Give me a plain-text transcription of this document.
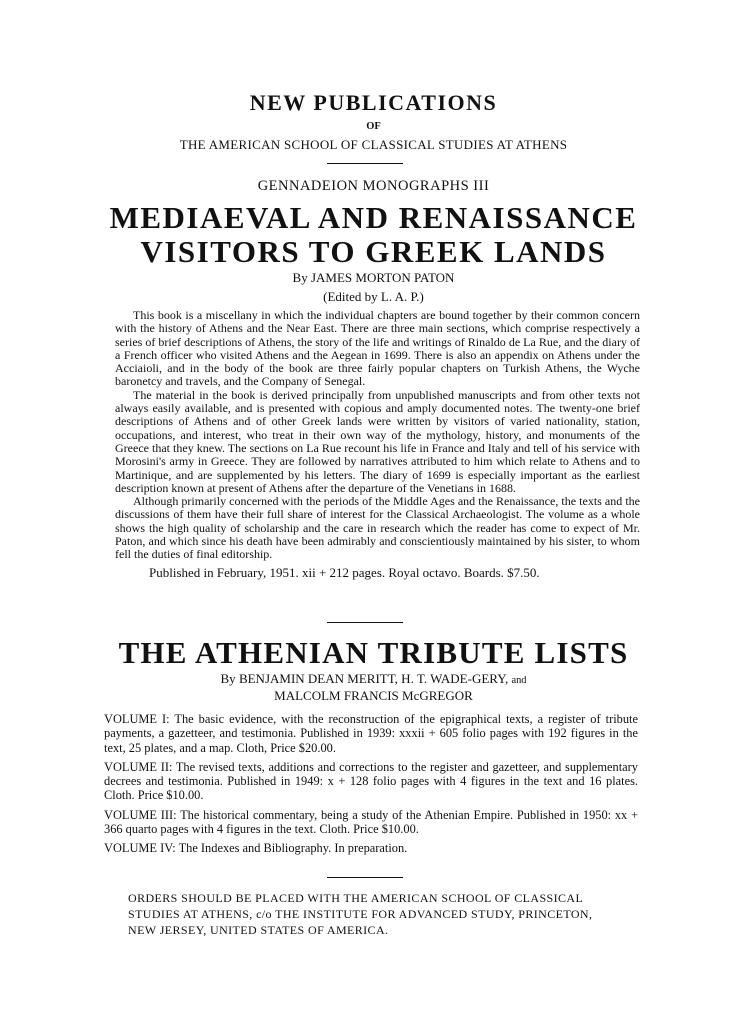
NEW PUBLICATIONS
OF
THE AMERICAN SCHOOL OF CLASSICAL STUDIES AT ATHENS
GENNADEION MONOGRAPHS III
MEDIAEVAL AND RENAISSANCE
VISITORS TO GREEK LANDS
By JAMES MORTON PATON
(Edited by L. A. P.)

This book is a miscellany in which the individual chapters are bound together by their common concern with the history of Athens and the Near East. There are three main sections, which comprise respectively a series of brief descriptions of Athens, the story of the life and writings of Rinaldo de La Rue, and the diary of a French officer who visited Athens and the Aegean in 1699. There is also an appendix on Athens under the Acciaioli, and in the body of the book are three fairly popular chapters on Turkish Athens, the Wyche baronetcy and travels, and the Company of Senegal.

The material in the book is derived principally from unpublished manuscripts and from other texts not always easily available, and is presented with copious and amply documented notes. The twenty-one brief descriptions of Athens and of other Greek lands were written by visitors of varied nationality, station, occupations, and interest, who treat in their own way of the mythology, history, and monuments of the Greece that they knew. The sections on La Rue recount his life in France and Italy and tell of his service with Morosini's army in Greece. They are followed by narratives attributed to him which relate to Athens and to Martinique, and are supplemented by his letters. The diary of 1699 is especially important as the earliest description known at present of Athens after the departure of the Venetians in 1688.

Although primarily concerned with the periods of the Middle Ages and the Renaissance, the texts and the discussions of them have their full share of interest for the Classical Archaeologist. The volume as a whole shows the high quality of scholarship and the care in research which the reader has come to expect of Mr. Paton, and which since his death have been admirably and conscientiously maintained by his sister, to whom fell the duties of final editorship.

Published in February, 1951. xii + 212 pages. Royal octavo. Boards. $7.50.

THE ATHENIAN TRIBUTE LISTS
By BENJAMIN DEAN MERITT, H. T. WADE-GERY, and
MALCOLM FRANCIS McGREGOR

VOLUME I: The basic evidence, with the reconstruction of the epigraphical texts, a register of tribute payments, a gazetteer, and testimonia. Published in 1939: xxxii + 605 folio pages with 192 figures in the text, 25 plates, and a map. Cloth, Price $20.00.

VOLUME II: The revised texts, additions and corrections to the register and gazetteer, and supplementary decrees and testimonia. Published in 1949: x + 128 folio pages with 4 figures in the text and 16 plates. Cloth. Price $10.00.

VOLUME III: The historical commentary, being a study of the Athenian Empire. Published in 1950: xx + 366 quarto pages with 4 figures in the text. Cloth. Price $10.00.

VOLUME IV: The Indexes and Bibliography. In preparation.

ORDERS SHOULD BE PLACED WITH THE AMERICAN SCHOOL OF CLASSICAL
STUDIES AT ATHENS, c/o THE INSTITUTE FOR ADVANCED STUDY, PRINCETON,
NEW JERSEY, UNITED STATES OF AMERICA.
